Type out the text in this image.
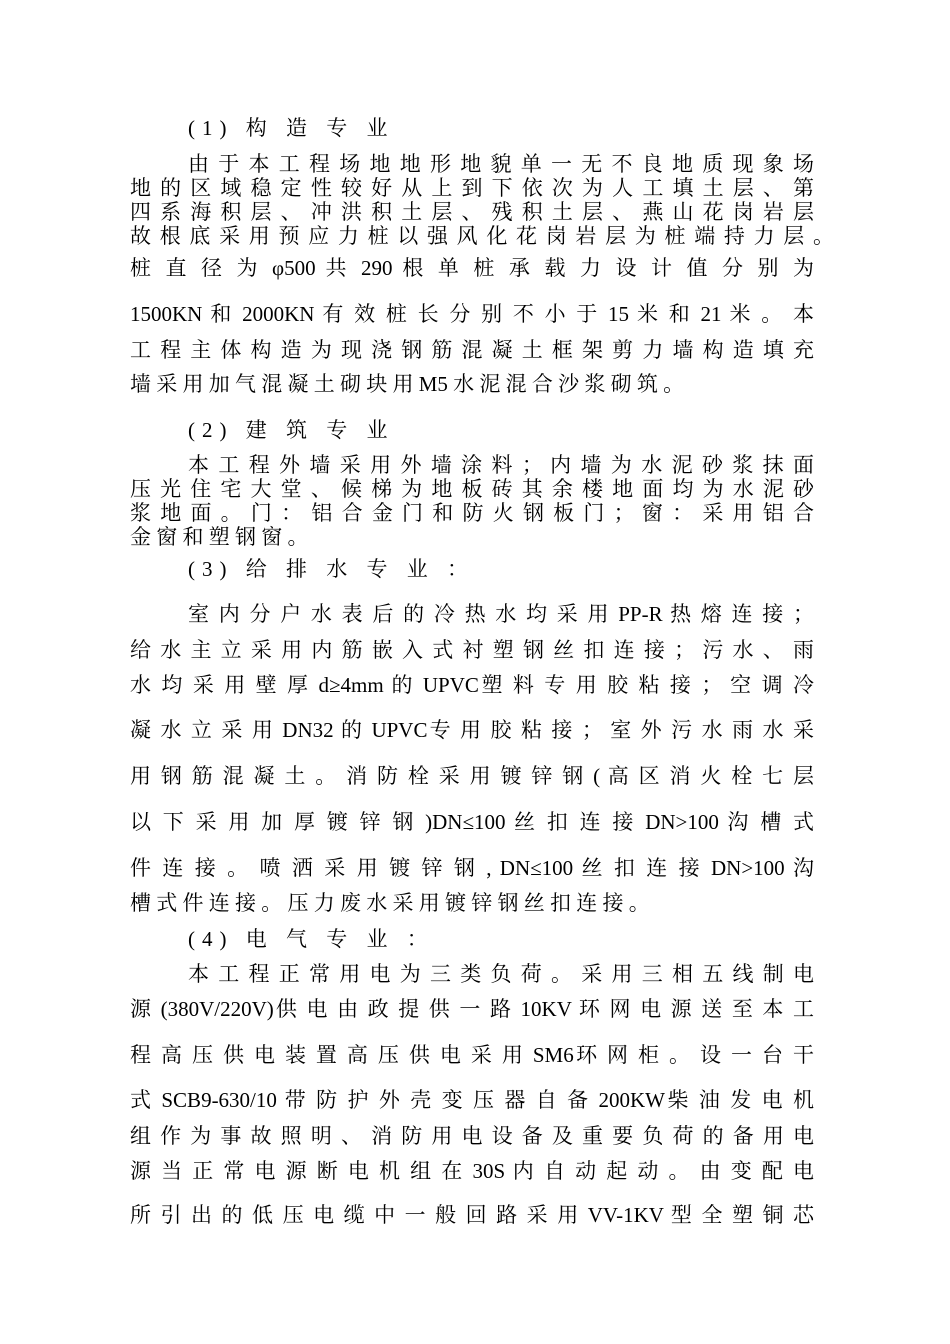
(1) 构 造 专 业

由 于 本 工 程 场 地 地 形 地 貌 单 一 无 不 良 地 质 现 象 场

地 的 区 域 稳 定 性 较 好 从 上 到 下 依 次 为 人 工 填 土 层 、 第

四 系 海 积 层 、 冲 洪 积 土 层 、 残 积 土 层 、 燕 山 花 岗 岩 层

故 根 底 采 用 预 应 力 桩 以 强 风 化 花 岗 岩 层 为 桩 端 持 力 层 。

桩 直 径 为 φ500 共 290 根 单 桩 承 载 力 设 计 值 分 别 为

1500KN 和 2000KN 有 效 桩 长 分 别 不 小 于 15 米 和 21 米 。 本

工 程 主 体 构 造 为 现 浇 钢 筋 混 凝 土 框 架 剪 力 墙 构 造 填 充

墙 采 用 加 气 混 凝 土 砌 块 用 M5 水 泥 混 合 沙 浆 砌 筑 。

(2) 建 筑 专 业

本 工 程 外 墙 采 用 外 墙 涂 料 ； 内 墙 为 水 泥 砂 浆 抹 面

压 光 住 宅 大 堂 、 候 梯 为 地 板 砖 其 余 楼 地 面 均 为 水 泥 砂

浆 地 面 。 门 ： 铝 合 金 门 和 防 火 钢 板 门 ； 窗 ： 采 用 铝 合

金 窗 和 塑 钢 窗 。

(3) 给 排 水 专 业 ：

室 内 分 户 水 表 后 的 冷 热 水 均 采 用 PP-R 热 熔 连 接 ；

给 水 主 立 采 用 内 筋 嵌 入 式 衬 塑 钢 丝 扣 连 接 ； 污 水 、 雨

水 均 采 用 壁 厚 d≥4mm 的 UPVC塑 料 专 用 胶 粘 接 ； 空 调 冷

凝 水 立 采 用 DN32 的 UPVC专 用 胶 粘 接 ； 室 外 污 水 雨 水 采

用 钢 筋 混 凝 土 。 消 防 栓 采 用 镀 锌 钢 ( 高 区 消 火 栓 七 层

以 下 采 用 加 厚 镀 锌 钢 )DN≤100 丝 扣 连 接 DN>100 沟 槽 式

件 连 接 。 喷 洒 采 用 镀 锌 钢 , DN≤100 丝 扣 连 接 DN>100 沟

槽 式 件 连 接 。 压 力 废 水 采 用 镀 锌 钢 丝 扣 连 接 。

(4) 电 气 专 业 ：

本 工 程 正 常 用 电 为 三 类 负 荷 。 采 用 三 相 五 线 制 电

源 (380V/220V)供 电 由 政 提 供 一 路 10KV 环 网 电 源 送 至 本 工

程 高 压 供 电 装 置 高 压 供 电 采 用 SM6环 网 柜 。 设 一 台 干

式 SCB9-630/10 带 防 护 外 壳 变 压 器 自 备 200KW柴 油 发 电 机

组 作 为 事 故 照 明 、 消 防 用 电 设 备 及 重 要 负 荷 的 备 用 电

源 当 正 常 电 源 断 电 机 组 在 30S 内 自 动 起 动 。 由 变 配 电

所 引 出 的 低 压 电 缆 中 一 般 回 路 采 用 VV-1KV 型 全 塑 铜 芯
